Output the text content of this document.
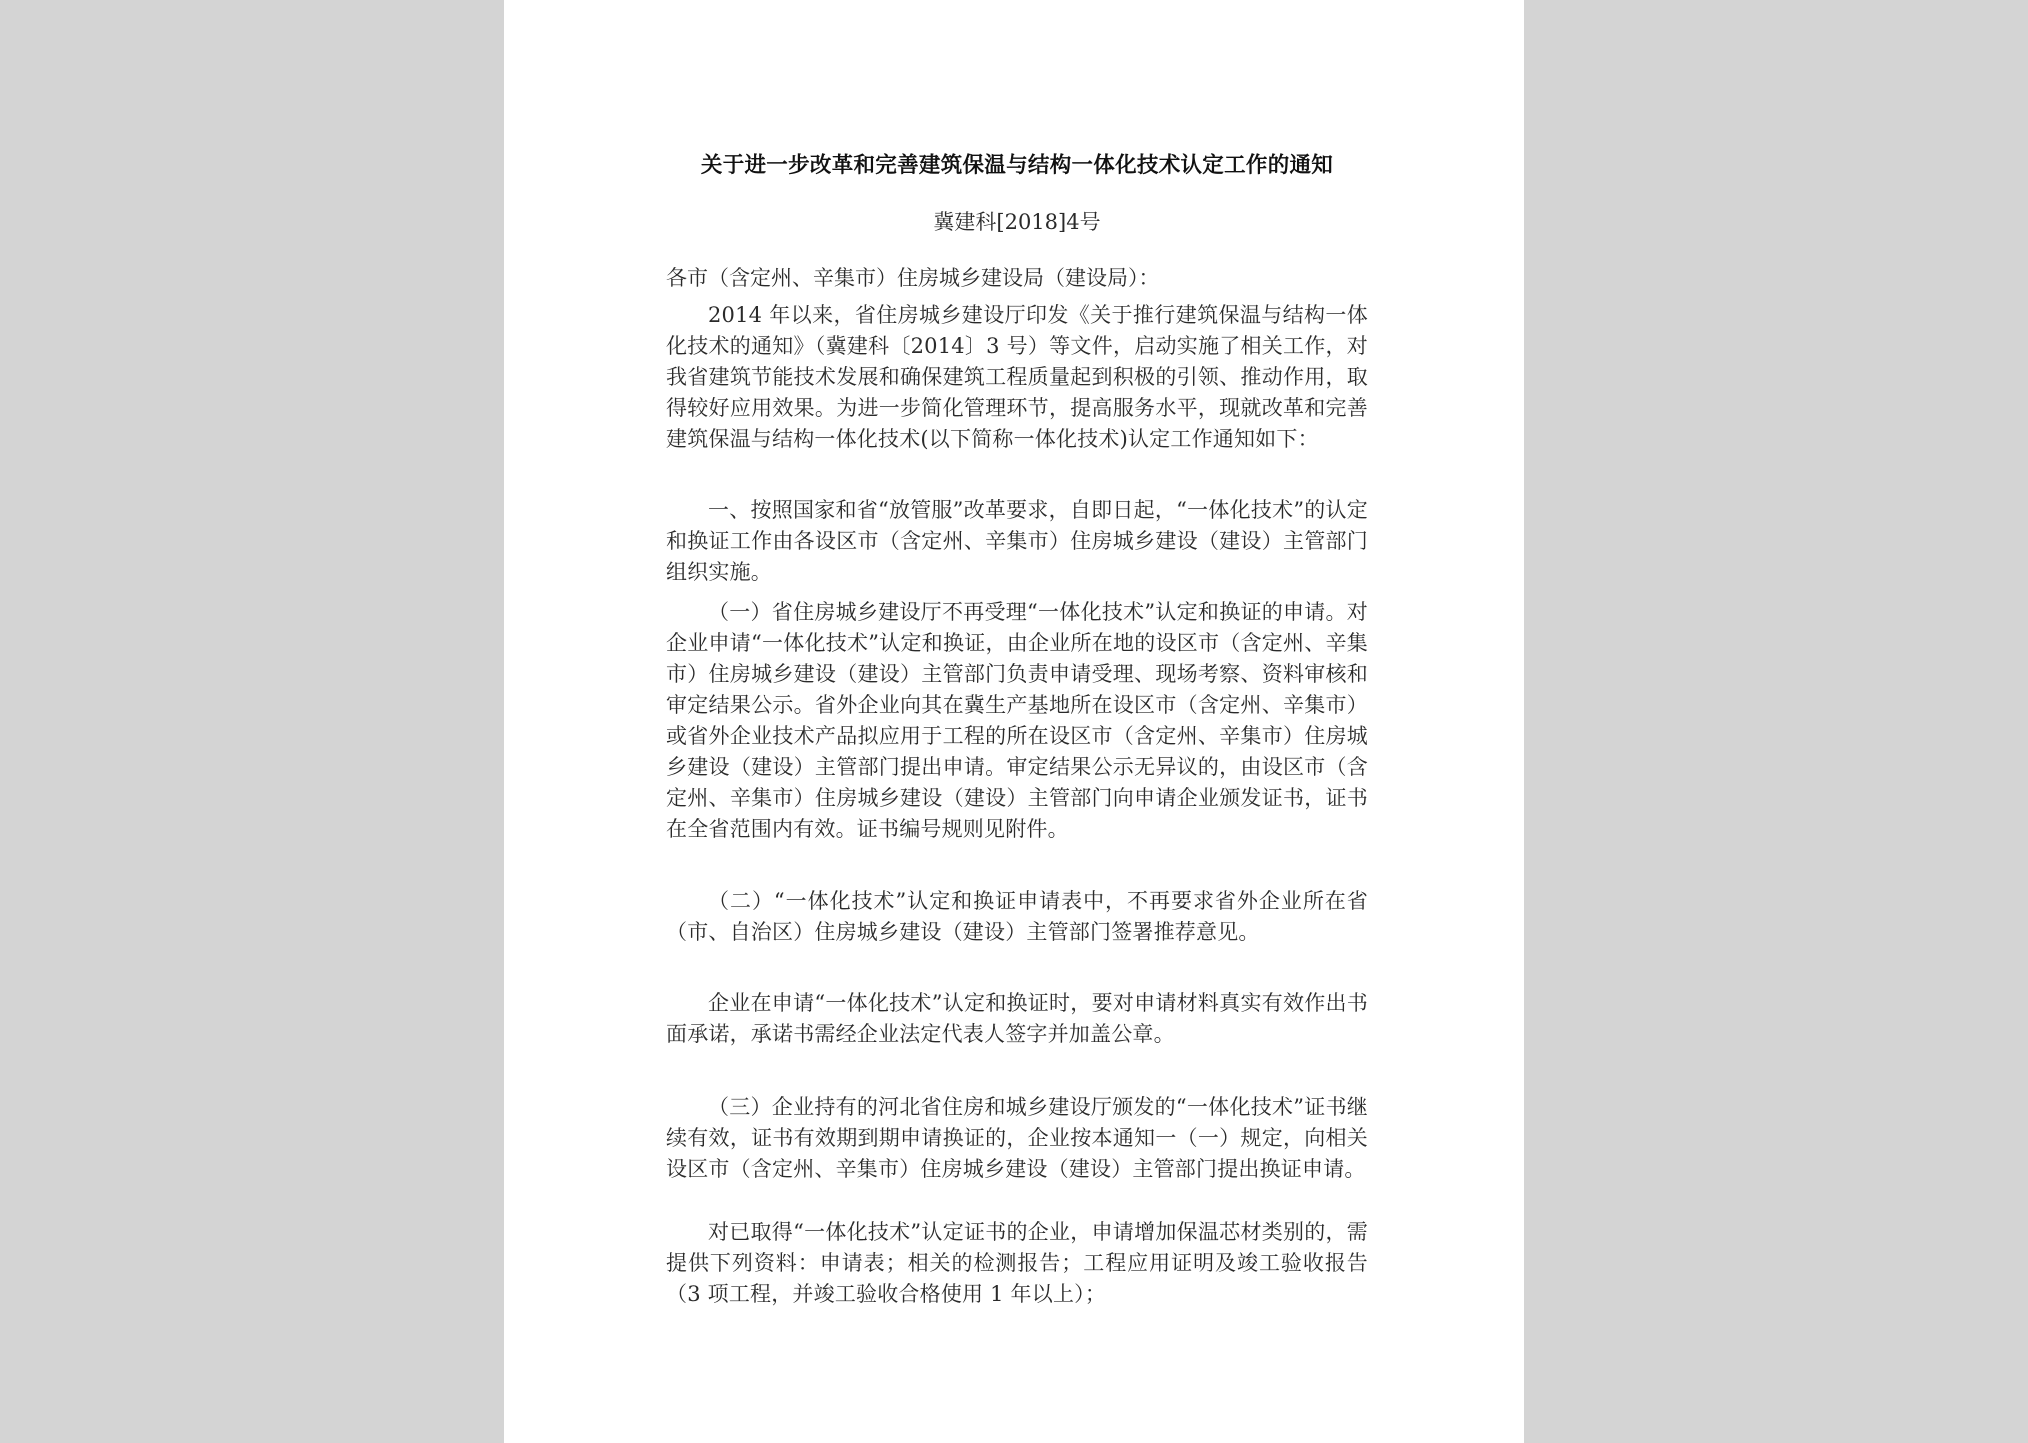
关于进一步改革和完善建筑保温与结构一体化技术认定工作的通知
冀建科[2018]4号
各市（含定州、辛集市）住房城乡建设局（建设局）：
2014 年以来，省住房城乡建设厅印发《关于推行建筑保温与结构一体化技术的通知》（冀建科〔2014〕3 号）等文件，启动实施了相关工作，对我省建筑节能技术发展和确保建筑工程质量起到积极的引领、推动作用，取得较好应用效果。为进一步简化管理环节，提高服务水平，现就改革和完善建筑保温与结构一体化技术(以下简称一体化技术)认定工作通知如下：
一、按照国家和省“放管服”改革要求，自即日起，“一体化技术”的认定和换证工作由各设区市（含定州、辛集市）住房城乡建设（建设）主管部门组织实施。
（一）省住房城乡建设厅不再受理“一体化技术”认定和换证的申请。对企业申请“一体化技术”认定和换证，由企业所在地的设区市（含定州、辛集市）住房城乡建设（建设）主管部门负责申请受理、现场考察、资料审核和审定结果公示。省外企业向其在冀生产基地所在设区市（含定州、辛集市）或省外企业技术产品拟应用于工程的所在设区市（含定州、辛集市）住房城乡建设（建设）主管部门提出申请。审定结果公示无异议的，由设区市（含定州、辛集市）住房城乡建设（建设）主管部门向申请企业颁发证书，证书在全省范围内有效。证书编号规则见附件。
（二）“一体化技术”认定和换证申请表中，不再要求省外企业所在省（市、自治区）住房城乡建设（建设）主管部门签署推荐意见。
企业在申请“一体化技术”认定和换证时，要对申请材料真实有效作出书面承诺，承诺书需经企业法定代表人签字并加盖公章。
（三）企业持有的河北省住房和城乡建设厅颁发的“一体化技术”证书继续有效，证书有效期到期申请换证的，企业按本通知一（一）规定，向相关设区市（含定州、辛集市）住房城乡建设（建设）主管部门提出换证申请。
对已取得“一体化技术”认定证书的企业，申请增加保温芯材类别的，需提供下列资料：申请表；相关的检测报告；工程应用证明及竣工验收报告（3 项工程，并竣工验收合格使用 1 年以上）；
